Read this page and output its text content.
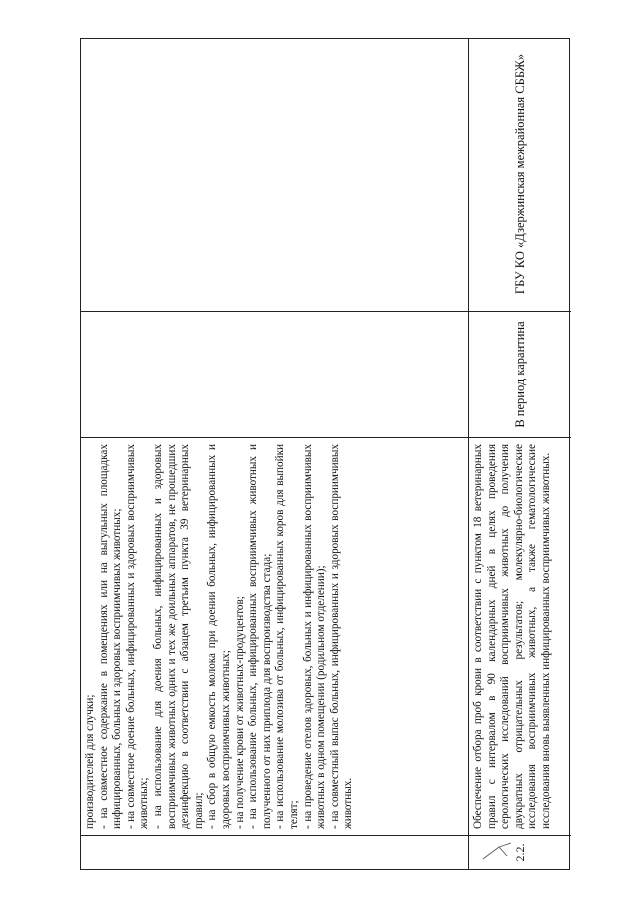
производителей для случки; - на совместное содержание в помещениях или на выгульных площадках инфицированных, больных и здоровых восприимчивых животных; - на совместное доение больных, инфицированных и здоровых восприимчивых животных; - на использование для доения больных, инфицированных и здоровых восприимчивых животных одних и тех же доильных аппаратов, не прошедших дезинфекцию в соответствии с абзацем третьим пункта 39 ветеринарных правил; - на сбор в общую емкость молока при доении больных, инфицированных и здоровых восприимчивых животных; - на получение крови от животных-продуцентов; - на использование больных, инфицированных восприимчивых животных и полученного от них приплода для воспроизводства стада; - на использование молозива от больных, инфицированных коров для выпойки телят; - на проведение отелов здоровых, больных и инфицированных восприимчивых животных в одном помещении (родильном отделении); - на совместный выпас больных, инфицированных и здоровых восприимчивых животных.

2.2.
Обеспечение отбора проб крови в соответствии с пунктом 18 ветеринарных правил с интервалом в 90 календарных дней в целях проведения серологических исследований восприимчивых животных до получения двукратных отрицательных результатов; молекулярно-биологические исследования восприимчивых животных, а также гематологические исследования вновь выявленных инфицированных восприимчивых животных.
В период карантина
ГБУ КО «Дзержинская межрайонная СББЖ»
